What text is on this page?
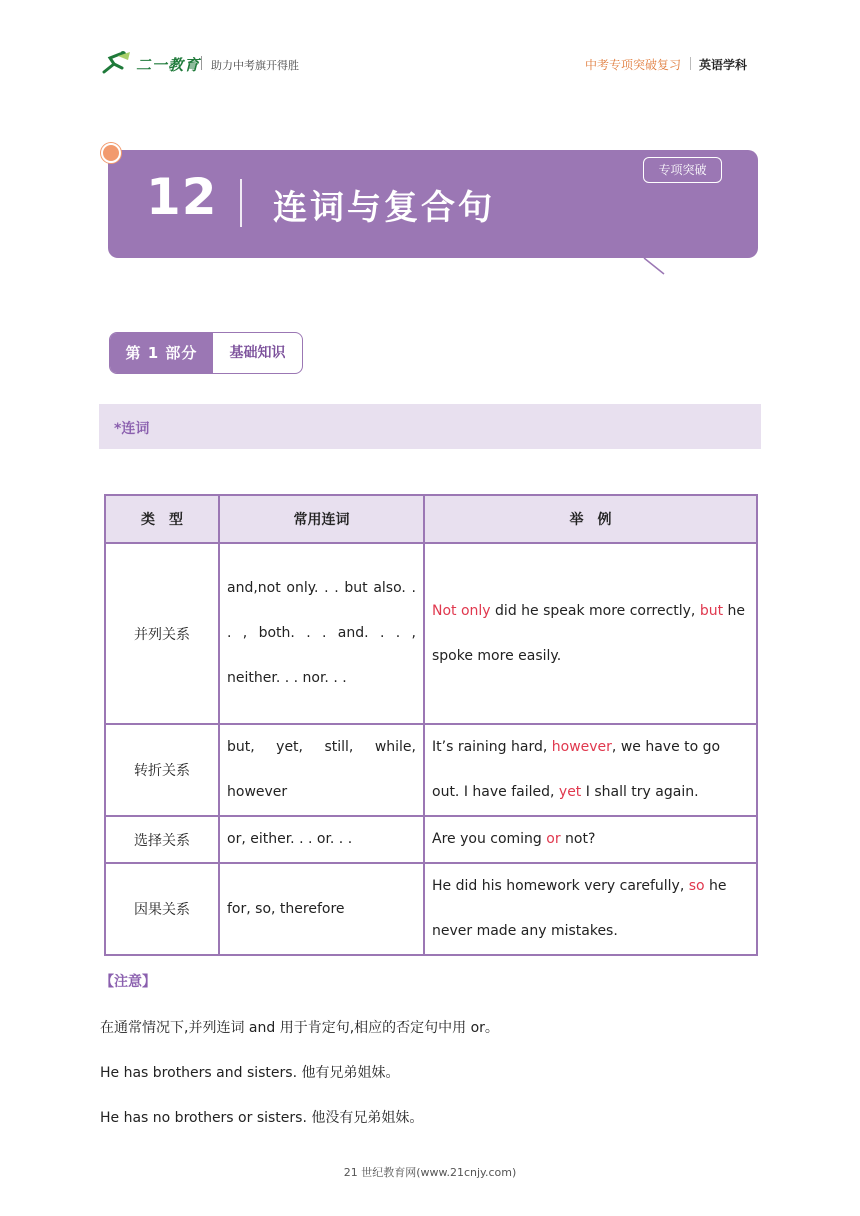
二一教育 助力中考旗开得胜	中考专项突破复习 英语学科
12 连词与复合句
专项突破
第 1 部分	基础知识
*连词
类　型	常用连词	举　例
并列关系	and,not only. . . but also. . . , both. . . and. . . , neither. . . nor. . .	Not only did he speak more correctly, but he spoke more easily.
转折关系	but, yet, still, while, however	It’s raining hard, however, we have to go out. I have failed, yet I shall try again.
选择关系	or, either. . . or. . .	Are you coming or not?
因果关系	for, so, therefore	He did his homework very carefully, so he never made any mistakes.
【注意】
在通常情况下,并列连词 and 用于肯定句,相应的否定句中用 or。
He has brothers and sisters. 他有兄弟姐妹。
He has no brothers or sisters. 他没有兄弟姐妹。
21 世纪教育网(www.21cnjy.com)
